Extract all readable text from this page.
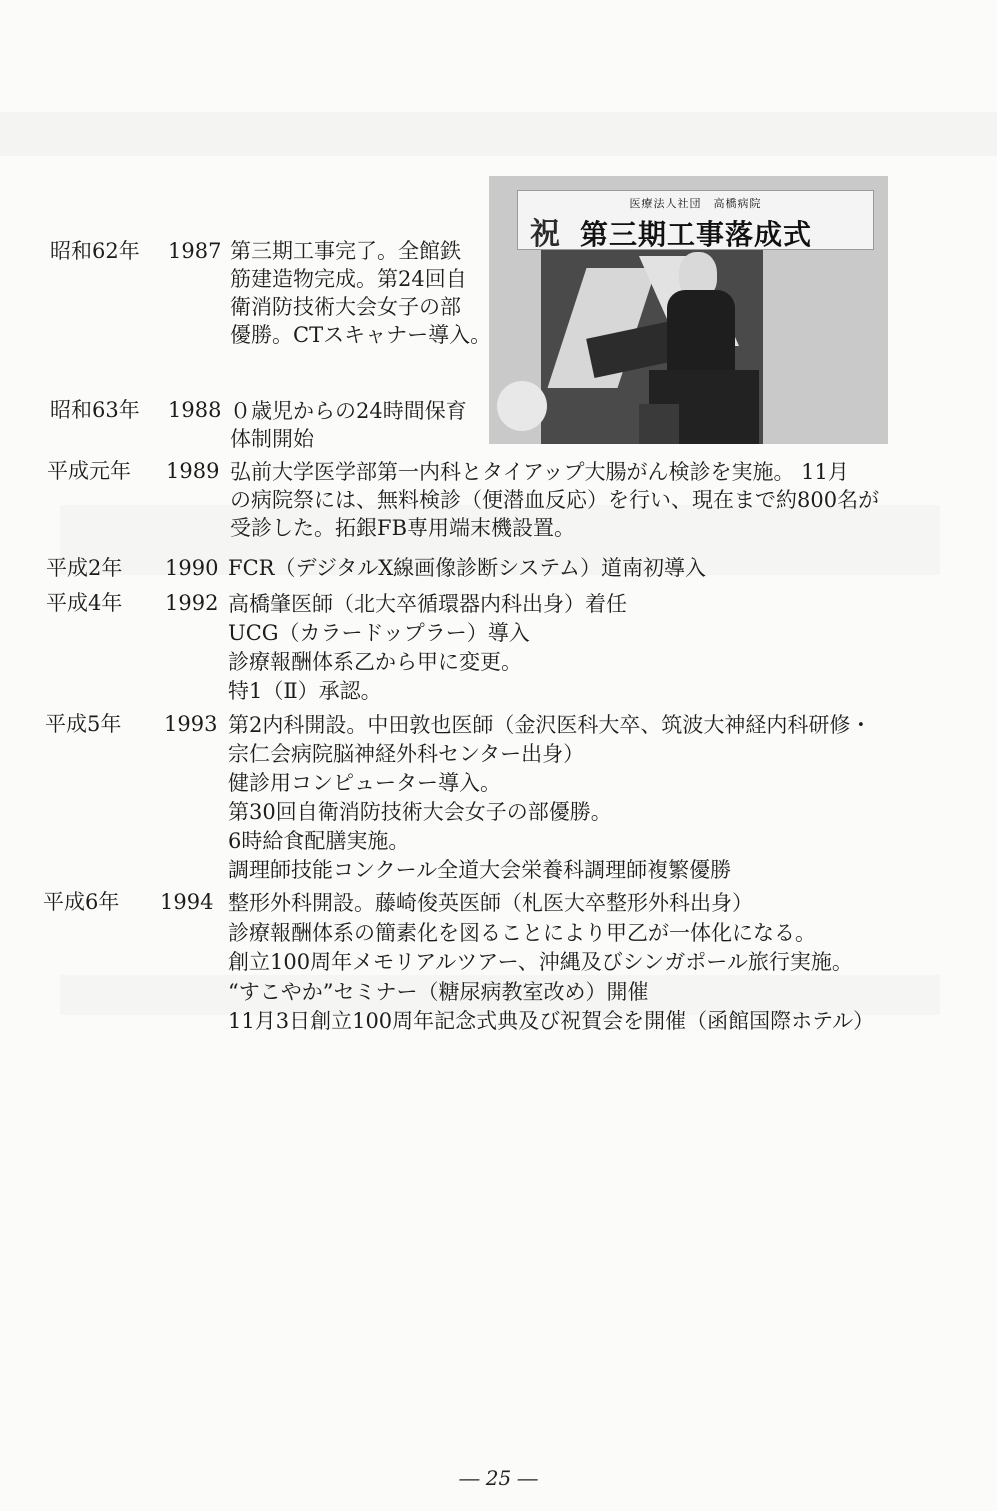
医療法人社団　高橋病院
祝 第三期工事落成式
昭和62年 1987 第三期工事完了。全館鉄
筋建造物完成。第24回自
衛消防技術大会女子の部
優勝。CTスキャナー導入。
昭和63年 1988 ０歳児からの24時間保育
体制開始
平成元年 1989 弘前大学医学部第一内科とタイアップ大腸がん検診を実施。 11月
の病院祭には、無料検診（便潜血反応）を行い、現在まで約800名が
受診した。拓銀FB専用端末機設置。
平成2年 1990 FCR（デジタルX線画像診断システム）道南初導入
平成4年 1992 高橋肇医師（北大卒循環器内科出身）着任
UCG（カラードップラー）導入
診療報酬体系乙から甲に変更。
特1（Ⅱ）承認。
平成5年 1993 第2内科開設。中田敦也医師（金沢医科大卒、筑波大神経内科研修・
宗仁会病院脳神経外科センター出身）
健診用コンピューター導入。
第30回自衛消防技術大会女子の部優勝。
6時給食配膳実施。
調理師技能コンクール全道大会栄養科調理師複繁優勝
平成6年 1994 整形外科開設。藤崎俊英医師（札医大卒整形外科出身）
診療報酬体系の簡素化を図ることにより甲乙が一体化になる。
創立100周年メモリアルツアー、沖縄及びシンガポール旅行実施。
“すこやか”セミナー（糖尿病教室改め）開催
11月3日創立100周年記念式典及び祝賀会を開催（函館国際ホテル）
― 25 ―
